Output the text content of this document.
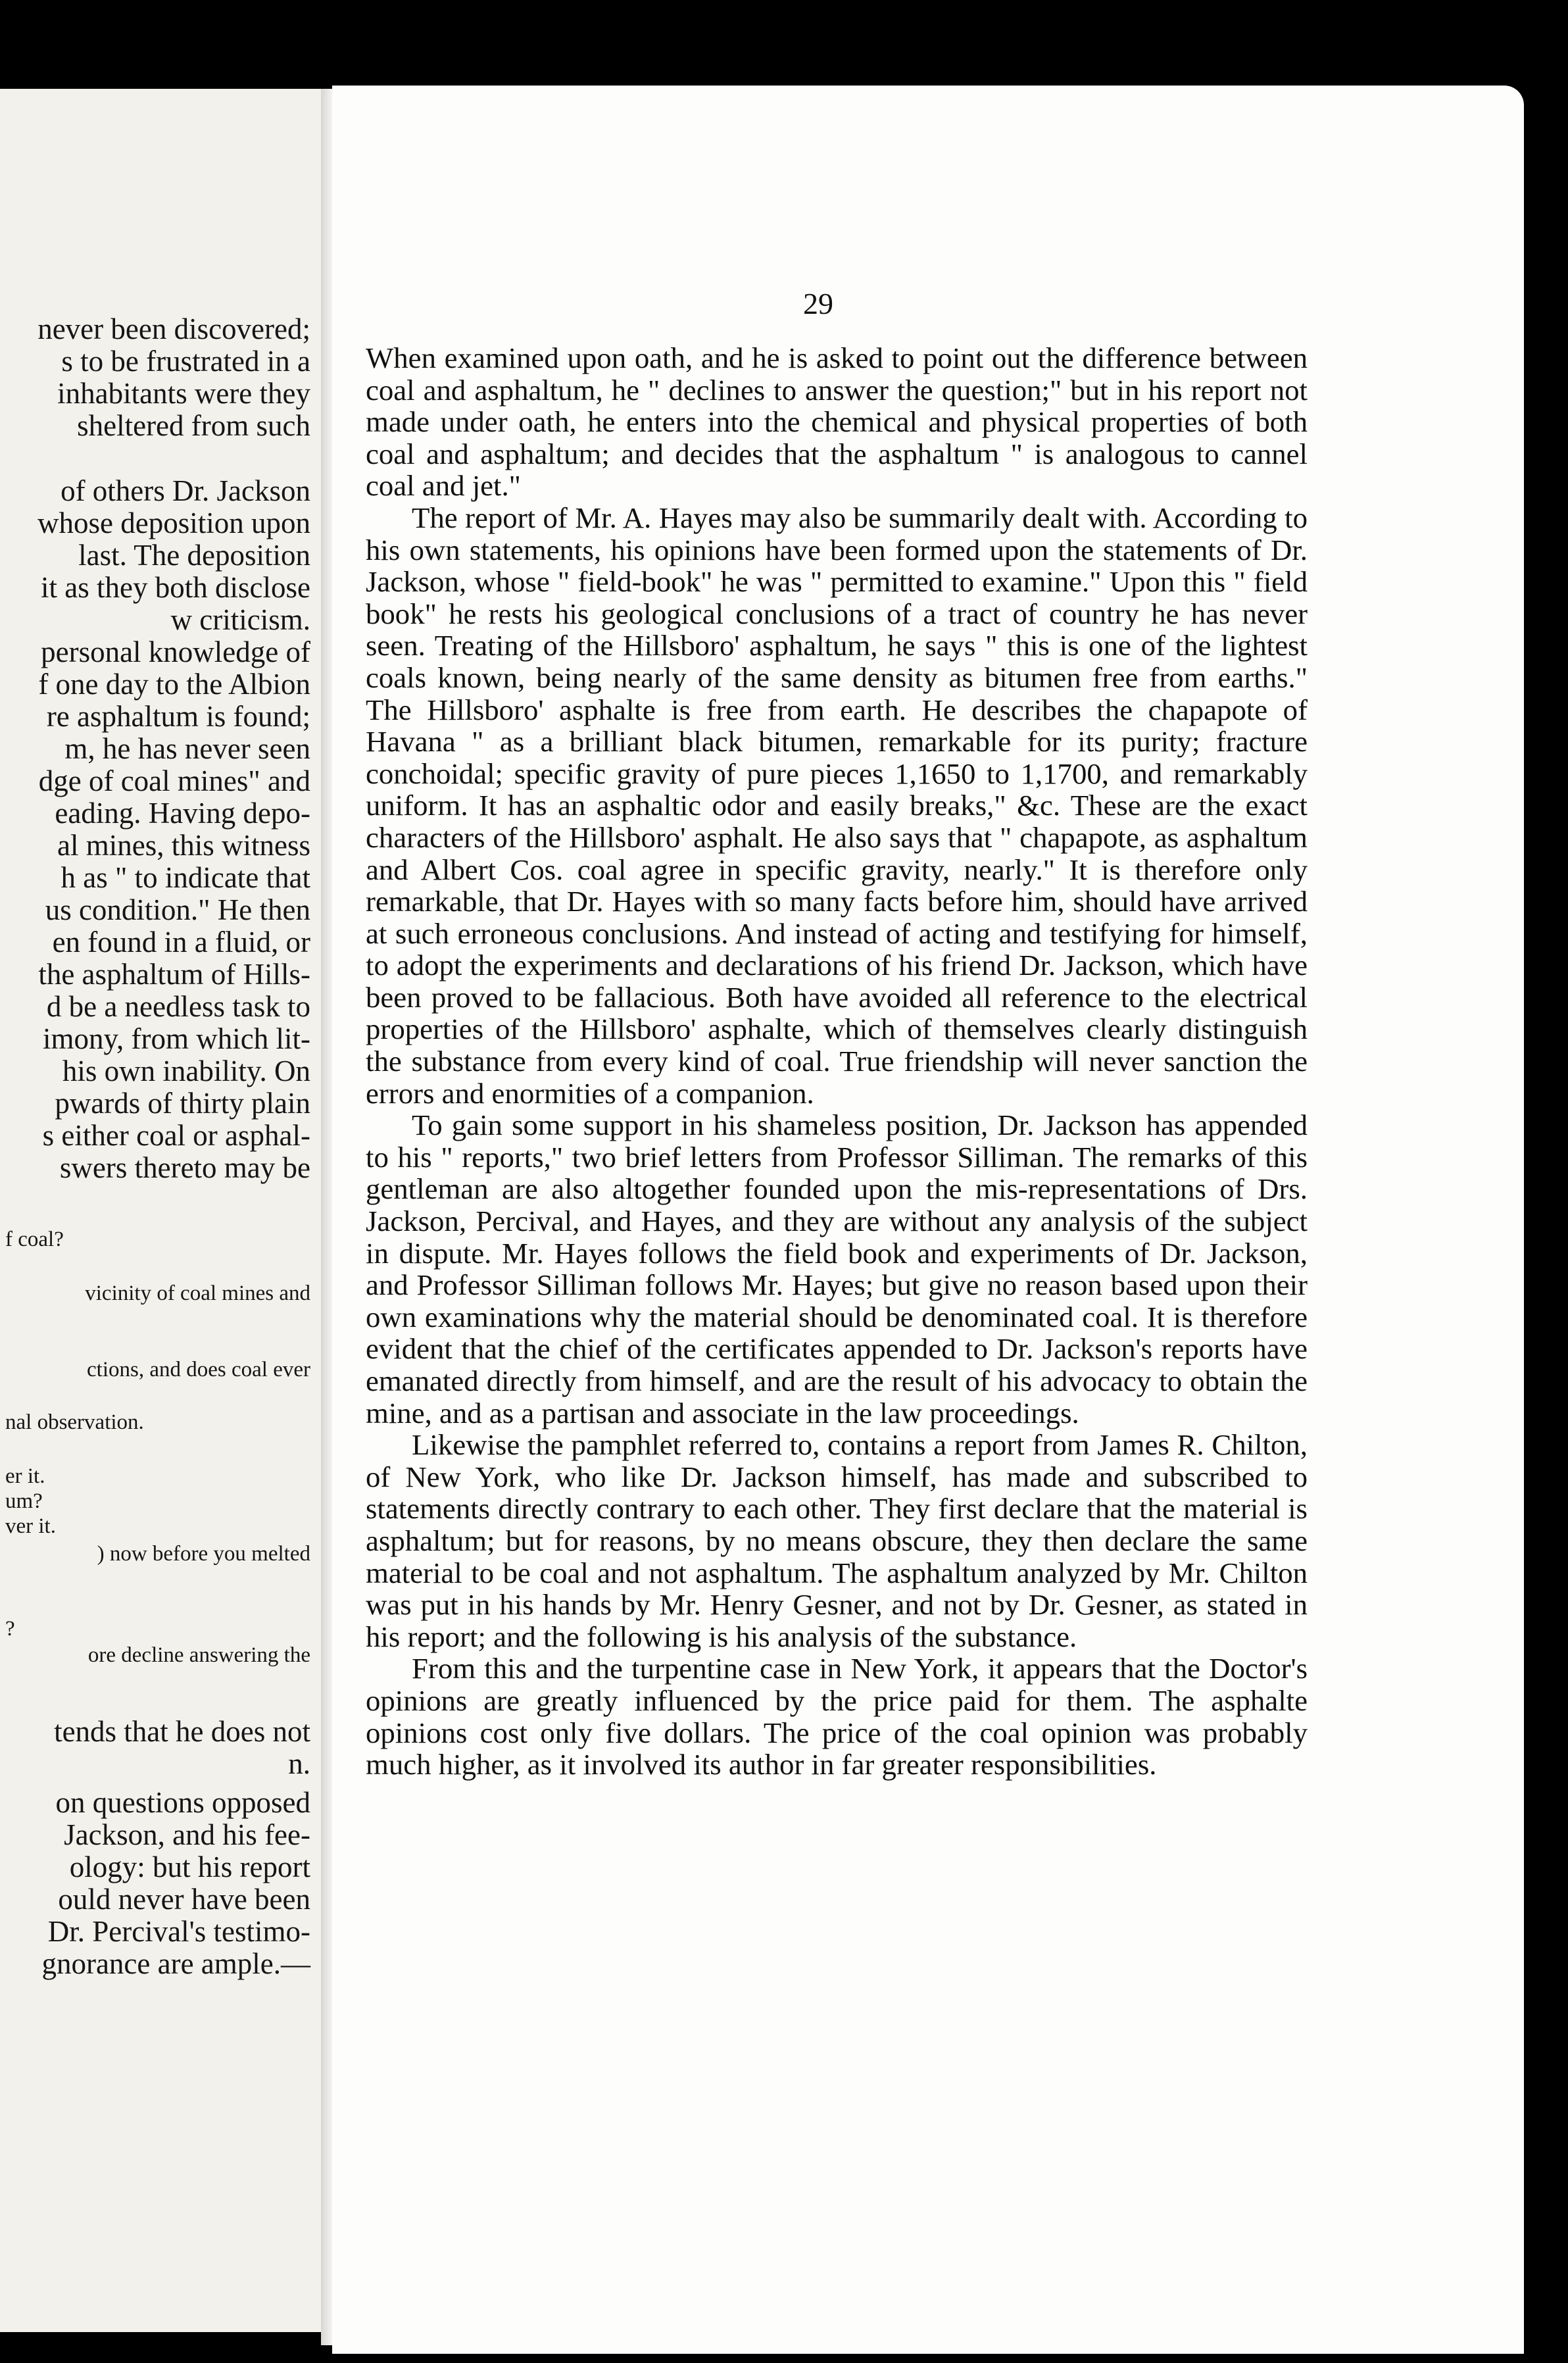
never been discovered;
s to be frustrated in a
inhabitants were they
sheltered from such
of others Dr. Jackson
whose deposition upon
last. The deposition
it as they both disclose
w criticism.
personal knowledge of
f one day to the Albion
re asphaltum is found;
m, he has never seen
dge of coal mines" and
eading. Having depo-
al mines, this witness
h as " to indicate that
us condition." He then
en found in a fluid, or
the asphaltum of Hills-
d be a needless task to
imony, from which lit-
his own inability. On
pwards of thirty plain
s either coal or asphal-
swers thereto may be
f coal?
vicinity of coal mines and
ctions, and does coal ever
nal observation.
er it.
um?
ver it.
) now before you melted
?
ore decline answering the
tends that he does not
n.
on questions opposed
Jackson, and his fee-
ology: but his report
ould never have been
Dr. Percival's testimo-
gnorance are ample.—
29

When examined upon oath, and he is asked to point out the difference between coal and asphaltum, he " declines to answer the question;" but in his report not made under oath, he enters into the chemical and physical properties of both coal and asphaltum; and decides that the asphaltum " is analogous to cannel coal and jet."

The report of Mr. A. Hayes may also be summarily dealt with. According to his own statements, his opinions have been formed upon the statements of Dr. Jackson, whose " field-book" he was " permitted to examine." Upon this " field book" he rests his geological conclusions of a tract of country he has never seen. Treating of the Hillsboro' asphaltum, he says " this is one of the lightest coals known, being nearly of the same density as bitumen free from earths." The Hillsboro' asphalte is free from earth. He describes the chapapote of Havana " as a brilliant black bitumen, remarkable for its purity; fracture conchoidal; specific gravity of pure pieces 1,1650 to 1,1700, and remarkably uniform. It has an asphaltic odor and easily breaks," &c. These are the exact characters of the Hillsboro' asphalt. He also says that " chapapote, as asphaltum and Albert Cos. coal agree in specific gravity, nearly." It is therefore only remarkable, that Dr. Hayes with so many facts before him, should have arrived at such erroneous conclusions. And instead of acting and testifying for himself, to adopt the experiments and declarations of his friend Dr. Jackson, which have been proved to be fallacious. Both have avoided all reference to the electrical properties of the Hillsboro' asphalte, which of themselves clearly distinguish the substance from every kind of coal. True friendship will never sanction the errors and enormities of a companion.

To gain some support in his shameless position, Dr. Jackson has appended to his " reports," two brief letters from Professor Silliman. The remarks of this gentleman are also altogether founded upon the mis-representations of Drs. Jackson, Percival, and Hayes, and they are without any analysis of the subject in dispute. Mr. Hayes follows the field book and experiments of Dr. Jackson, and Professor Silliman follows Mr. Hayes; but give no reason based upon their own examinations why the material should be denominated coal. It is therefore evident that the chief of the certificates appended to Dr. Jackson's reports have emanated directly from himself, and are the result of his advocacy to obtain the mine, and as a partisan and associate in the law proceedings.

Likewise the pamphlet referred to, contains a report from James R. Chilton, of New York, who like Dr. Jackson himself, has made and subscribed to statements directly contrary to each other. They first declare that the material is asphaltum; but for reasons, by no means obscure, they then declare the same material to be coal and not asphaltum. The asphaltum analyzed by Mr. Chilton was put in his hands by Mr. Henry Gesner, and not by Dr. Gesner, as stated in his report; and the following is his analysis of the substance.

From this and the turpentine case in New York, it appears that the Doctor's opinions are greatly influenced by the price paid for them. The asphalte opinions cost only five dollars. The price of the coal opinion was probably much higher, as it involved its author in far greater responsibilities.
